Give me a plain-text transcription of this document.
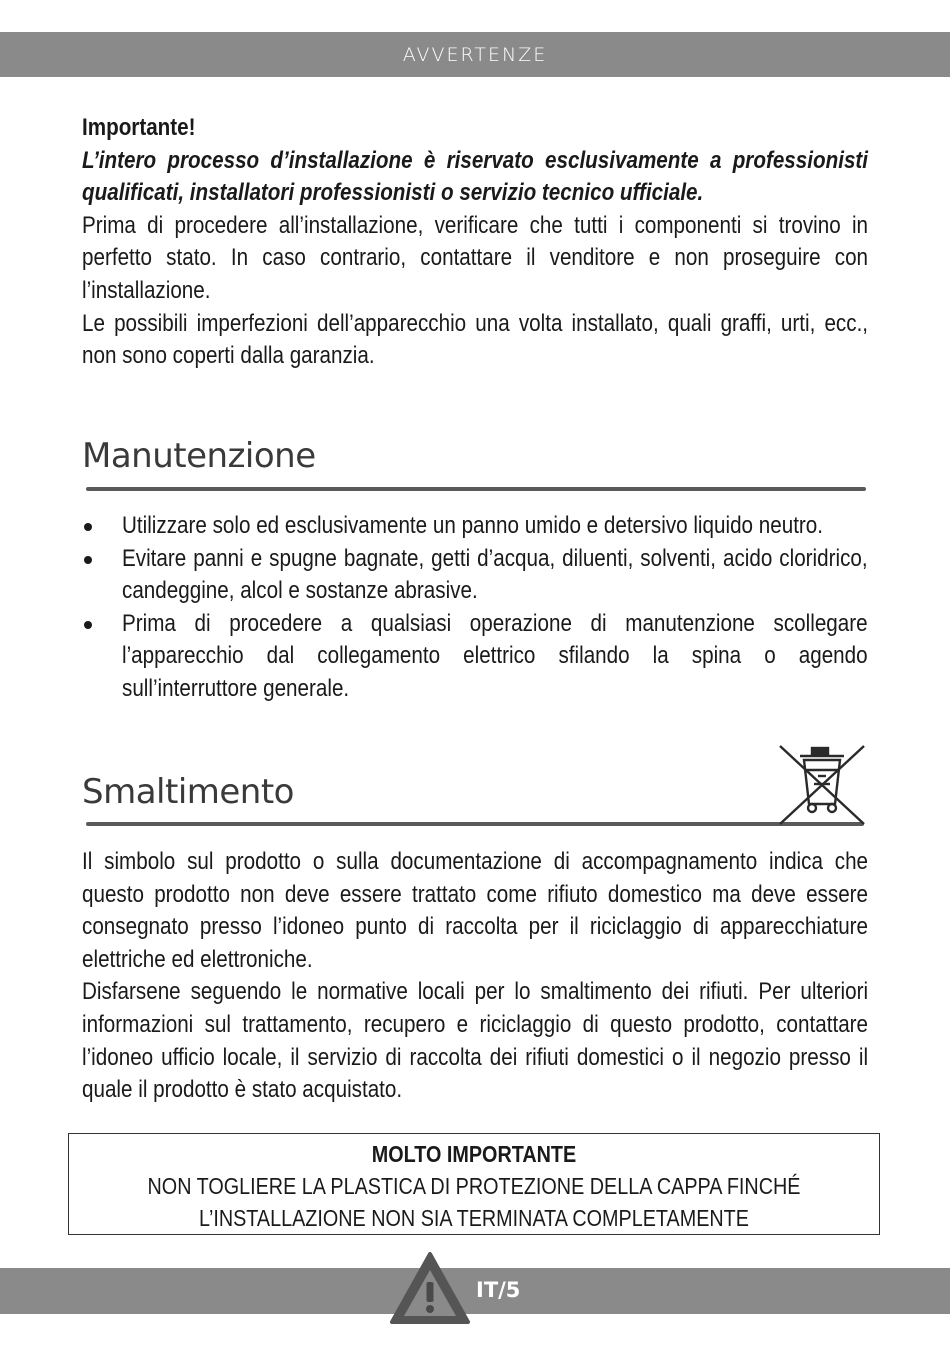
AVVERTENZE

Importante!

L’intero processo d’installazione è riservato esclusivamente a professionisti qualificati, installatori professionisti o servizio tecnico ufficiale.

Prima di procedere all’installazione, verificare che tutti i componenti si trovino in perfetto stato. In caso contrario, contattare il venditore e non proseguire con l’installazione.

Le possibili imperfezioni dell’apparecchio una volta installato, quali graffi, urti, ecc., non sono coperti dalla garanzia.

Manutenzione
Utilizzare solo ed esclusivamente un panno umido e detersivo liquido neutro.
Evitare panni e spugne bagnate, getti d’acqua, diluenti, solventi, acido cloridrico, candeggine, alcol e sostanze abrasive.
Prima di procedere a qualsiasi operazione di manutenzione scollegare l’apparecchio dal collegamento elettrico sfilando la spina o agendo sull’interruttore generale.
Smaltimento

Il simbolo sul prodotto o sulla documentazione di accompagnamento indica che questo prodotto non deve essere trattato come rifiuto domestico ma deve essere consegnato presso l’idoneo punto di raccolta per il riciclaggio di apparecchiature elettriche ed elettroniche.

Disfarsene seguendo le normative locali per lo smaltimento dei rifiuti. Per ulteriori informazioni sul trattamento, recupero e riciclaggio di questo prodotto, contattare l’idoneo ufficio locale, il servizio di raccolta dei rifiuti domestici o il negozio presso il quale il prodotto è stato acquistato.

MOLTO IMPORTANTE
NON TOGLIERE LA PLASTICA DI PROTEZIONE DELLA CAPPA FINCHÉ
L’INSTALLAZIONE NON SIA TERMINATA COMPLETAMENTE
IT/5
